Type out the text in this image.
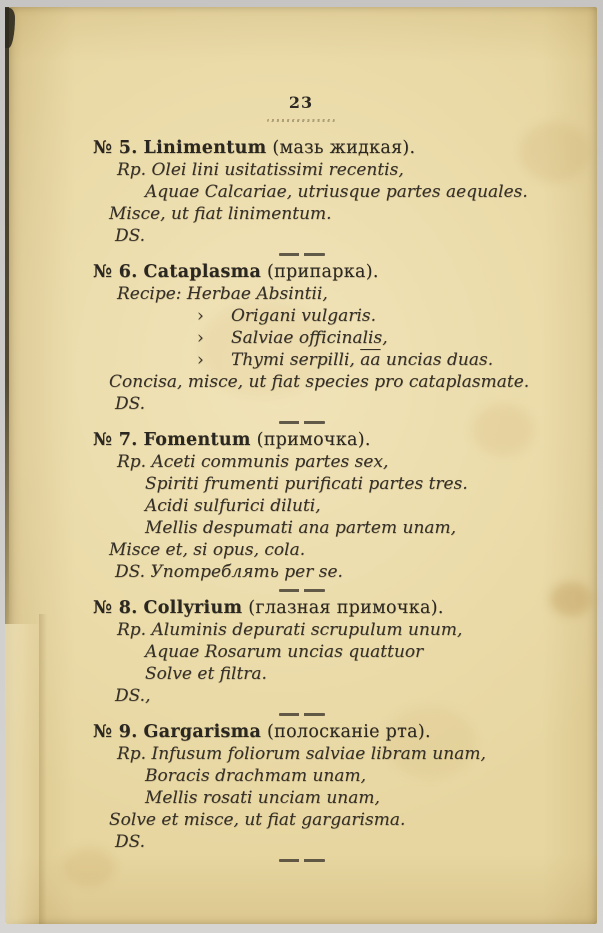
23
№ 5. Linimentum (мазь жидкая).
Rp. Olei lini usitatissimi recentis,
Aquae Calcariae, utriusque partes aequales.
Misce, ut fiat linimentum.
DS.
№ 6. Cataplasma (припарка).
Recipe: Herbae Absintii,
› Origani vulgaris.
› Salviae officinalis,
› Thymi serpilli, $\overline{aa}$ uncias duas.
Concisa, misce, ut fiat species pro cataplasmate.
DS.
№ 7. Fomentum (примочка).
Rp. Aceti communis partes sex,
Spiriti frumenti purificati partes tres.
Acidi sulfurici diluti,
Mellis despumati ana partem unam,
Misce et, si opus, cola.
DS. Употреблять per se.
№ 8. Collyrium (глазная примочка).
Rp. Aluminis depurati scrupulum unum,
Aquae Rosarum uncias quattuor
Solve et filtra.
DS.,
№ 9. Gargarisma (полосканіе рта).
Rp. Infusum foliorum salviae libram unam,
Boracis drachmam unam,
Mellis rosati unciam unam,
Solve et misce, ut fiat gargarisma.
DS.
